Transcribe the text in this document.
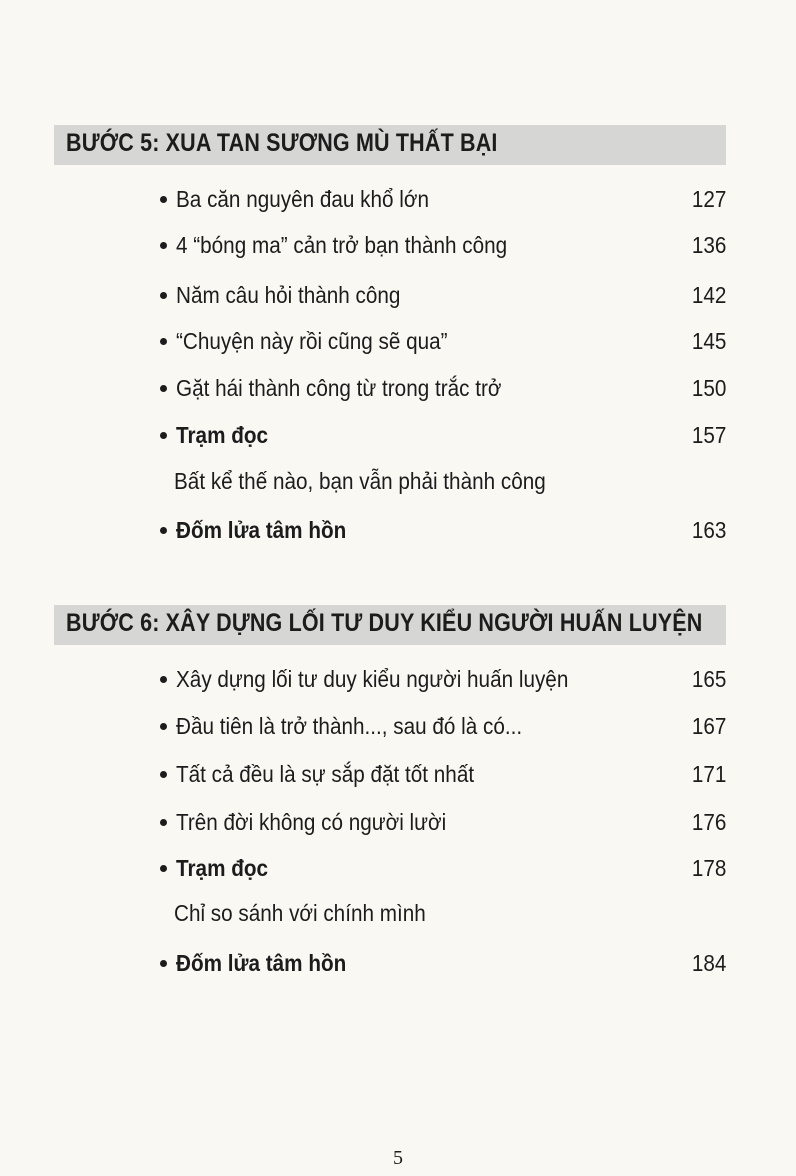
BƯỚC 5: XUA TAN SƯƠNG MÙ THẤT BẠI
Ba căn nguyên đau khổ lớn	127
4 “bóng ma” cản trở bạn thành công	136
Năm câu hỏi thành công	142
“Chuyện này rồi cũng sẽ qua”	145
Gặt hái thành công từ trong trắc trở	150
Trạm đọc	157
Bất kể thế nào, bạn vẫn phải thành công
Đốm lửa tâm hồn	163
BƯỚC 6: XÂY DỰNG LỐI TƯ DUY KIỂU NGƯỜI HUẤN LUYỆN
Xây dựng lối tư duy kiểu người huấn luyện	165
Đầu tiên là trở thành..., sau đó là có...	167
Tất cả đều là sự sắp đặt tốt nhất	171
Trên đời không có người lười	176
Trạm đọc	178
Chỉ so sánh với chính mình
Đốm lửa tâm hồn	184
5
